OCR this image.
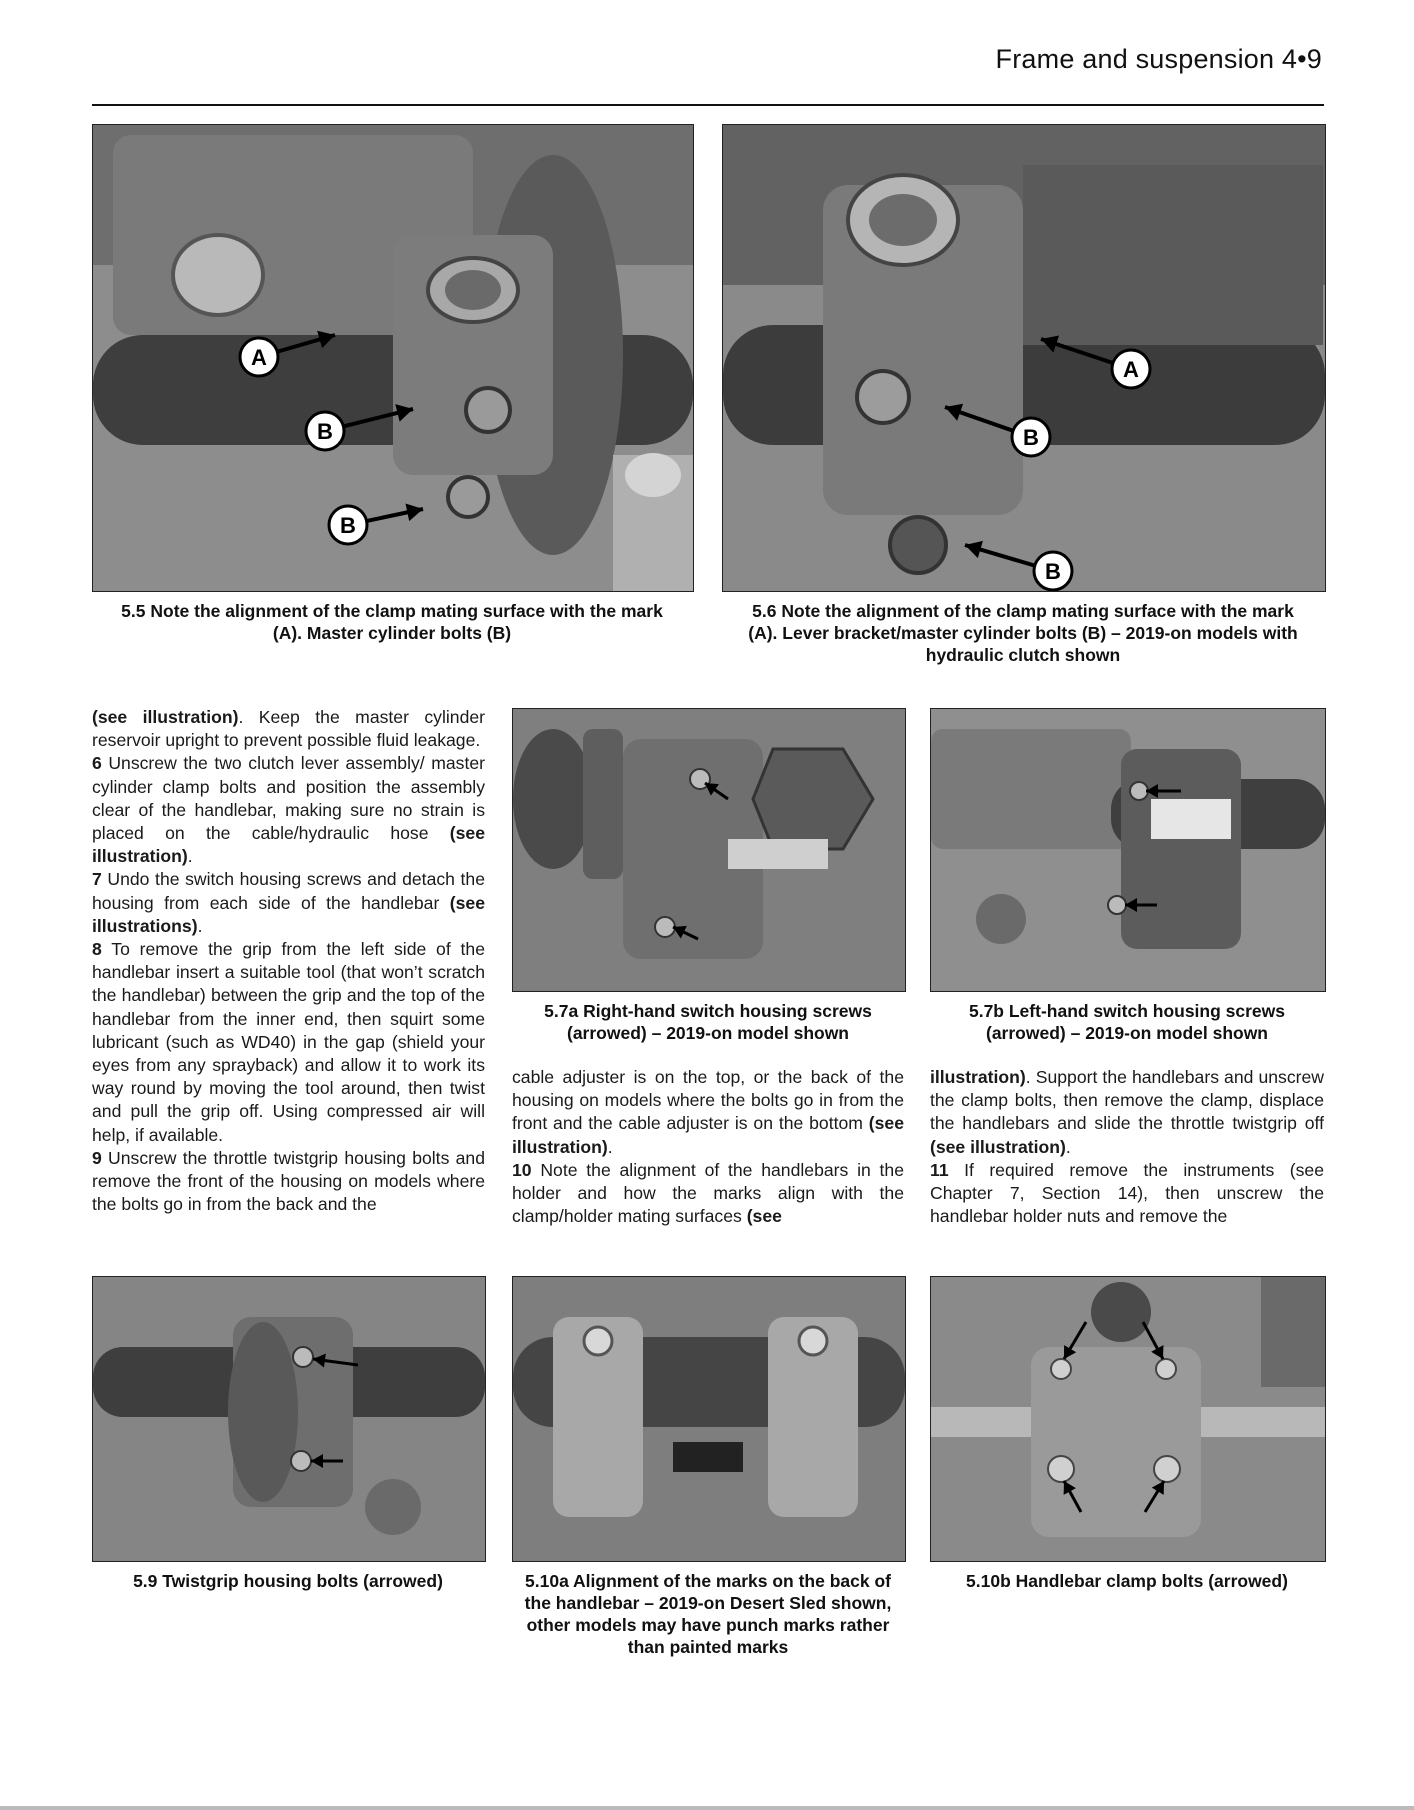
Frame and suspension 4•9
A
B
B
5.5 Note the alignment of the clamp mating surface with the mark (A). Master cylinder bolts (B)
A
B
B
5.6 Note the alignment of the clamp mating surface with the mark (A). Lever bracket/master cylinder bolts (B) – 2019-on models with hydraulic clutch shown

(see illustration). Keep the master cylinder reservoir upright to prevent possible fluid leakage.

6 Unscrew the two clutch lever assembly/ master cylinder clamp bolts and position the assembly clear of the handlebar, making sure no strain is placed on the cable/hydraulic hose (see illustration).

7 Undo the switch housing screws and detach the housing from each side of the handlebar (see illustrations).

8 To remove the grip from the left side of the handlebar insert a suitable tool (that won’t scratch the handlebar) between the grip and the top of the handlebar from the inner end, then squirt some lubricant (such as WD40) in the gap (shield your eyes from any sprayback) and allow it to work its way round by moving the tool around, then twist and pull the grip off. Using compressed air will help, if available.

9 Unscrew the throttle twistgrip housing bolts and remove the front of the housing on models where the bolts go in from the back and the

5.7a Right-hand switch housing screws (arrowed) – 2019-on model shown
5.7b Left-hand switch housing screws (arrowed) – 2019-on model shown

cable adjuster is on the top, or the back of the housing on models where the bolts go in from the front and the cable adjuster is on the bottom (see illustration).

10 Note the alignment of the handlebars in the holder and how the marks align with the clamp/holder mating surfaces (see

illustration). Support the handlebars and unscrew the clamp bolts, then remove the clamp, displace the handlebars and slide the throttle twistgrip off (see illustration).

11 If required remove the instruments (see Chapter 7, Section 14), then unscrew the handlebar holder nuts and remove the

5.9 Twistgrip housing bolts (arrowed)	5.10a Alignment of the marks on the back of the handlebar – 2019-on Desert Sled shown, other models may have punch marks rather than painted marks
5.10b Handlebar clamp bolts (arrowed)
